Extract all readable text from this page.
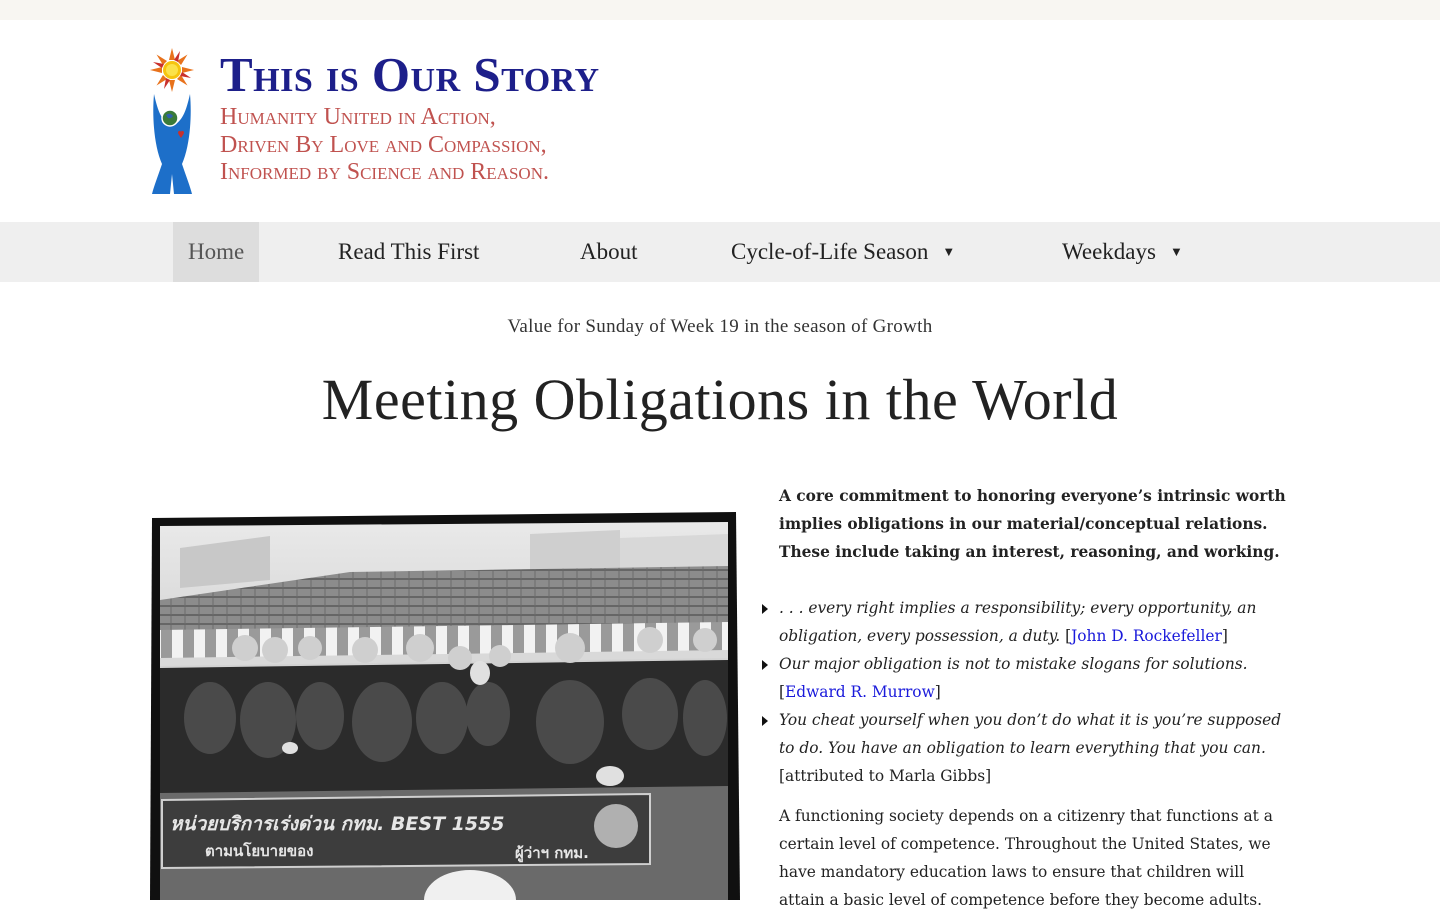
This is Our Story
Humanity United in Action,
Driven By Love and Compassion,
Informed by Science and Reason.
Home	Read This First	About	Cycle-of-Life Season ▼	Weekdays ▼
Value for Sunday of Week 19 in the season of Growth
Meeting Obligations in the World
หน่วยบริการเร่งด่วน กทม. BEST 1555
ตามนโยบายของ	ผู้ว่าฯ กทม.

A core commitment to honoring everyone’s intrinsic worth implies obligations in our material/conceptual relations. These include taking an interest, reasoning, and working.

. . . every right implies a responsibility; every opportunity, an obligation, every possession, a duty. [John D. Rockefeller]
Our major obligation is not to mistake slogans for solutions. [Edward R. Murrow]
You cheat yourself when you don’t do what it is you’re supposed to do. You have an obligation to learn everything that you can. [attributed to Marla Gibbs]

A functioning society depends on a citizenry that functions at a certain level of competence. Throughout the United States, we have mandatory education laws to ensure that children will attain a basic level of competence before they become adults.
